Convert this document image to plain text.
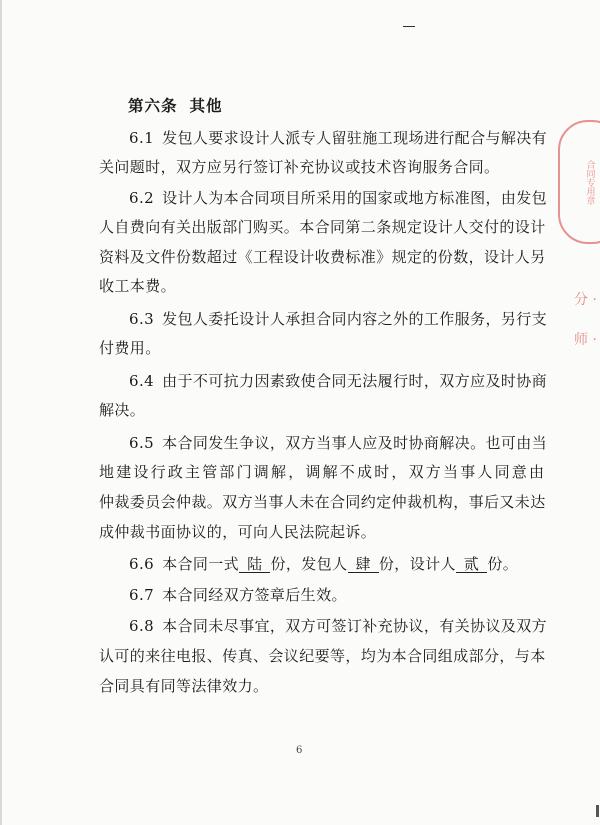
第六条 其他
6.1 发包人要求设计人派专人留驻施工现场进行配合与解决有
关问题时，双方应另行签订补充协议或技术咨询服务合同。
6.2 设计人为本合同项目所采用的国家或地方标准图，由发包
人自费向有关出版部门购买。本合同第二条规定设计人交付的设计
资料及文件份数超过《工程设计收费标准》规定的份数，设计人另
收工本费。
6.3 发包人委托设计人承担合同内容之外的工作服务，另行支
付费用。
6.4 由于不可抗力因素致使合同无法履行时，双方应及时协商
解决。
6.5 本合同发生争议，双方当事人应及时协商解决。也可由当
地建设行政主管部门调解，调解不成时，双方当事人同意由
仲裁委员会仲裁。双方当事人未在合同约定仲裁机构，事后又未达
成仲裁书面协议的，可向人民法院起诉。
6.6 本合同一式 陆 份，发包人 肆 份，设计人 贰 份。
6.7 本合同经双方签章后生效。
6.8 本合同未尽事宜，双方可签订补充协议，有关协议及双方
认可的来往电报、传真、会议纪要等，均为本合同组成部分，与本
合同具有同等法律效力。
6
合同专用章
分 · 师 ·
